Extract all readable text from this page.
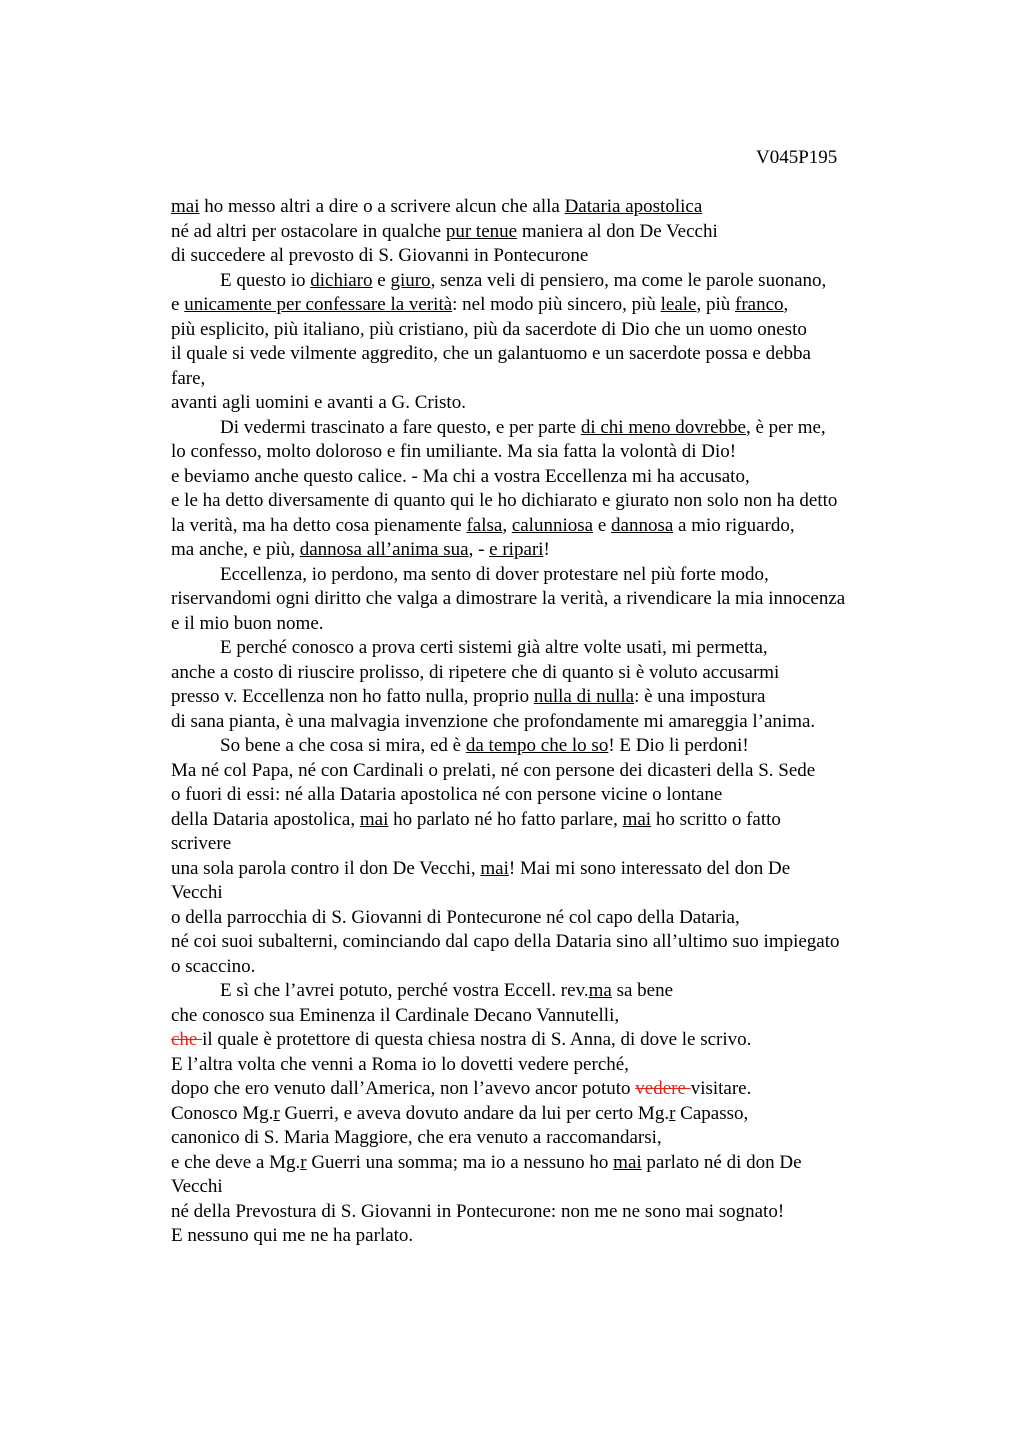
V045P195
mai ho messo altri a dire o a scrivere alcun che alla Dataria apostolica
né ad altri per ostacolare in qualche pur tenue maniera al don De Vecchi
di succedere al prevosto di S. Giovanni in Pontecurone
E questo io dichiaro e giuro, senza veli di pensiero, ma come le parole suonano,
e unicamente per confessare la verità: nel modo più sincero, più leale, più franco,
più esplicito, più italiano, più cristiano, più da sacerdote di Dio che un uomo onesto
il quale si vede vilmente aggredito, che un galantuomo e un sacerdote possa e debba
fare,
avanti agli uomini e avanti a G. Cristo.
Di vedermi trascinato a fare questo, e per parte di chi meno dovrebbe, è per me,
lo confesso, molto doloroso e fin umiliante. Ma sia fatta la volontà di Dio!
e beviamo anche questo calice. - Ma chi a vostra Eccellenza mi ha accusato,
e le ha detto diversamente di quanto qui le ho dichiarato e giurato non solo non ha detto
la verità, ma ha detto cosa pienamente falsa, calunniosa e dannosa a mio riguardo,
ma anche, e più, dannosa all’anima sua, - e ripari!
Eccellenza, io perdono, ma sento di dover protestare nel più forte modo,
riservandomi ogni diritto che valga a dimostrare la verità, a rivendicare la mia innocenza
e il mio buon nome.
E perché conosco a prova certi sistemi già altre volte usati, mi permetta,
anche a costo di riuscire prolisso, di ripetere che di quanto si è voluto accusarmi
presso v. Eccellenza non ho fatto nulla, proprio nulla di nulla: è una impostura
di sana pianta, è una malvagia invenzione che profondamente mi amareggia l’anima.
So bene a che cosa si mira, ed è da tempo che lo so! E Dio li perdoni!
Ma né col Papa, né con Cardinali o prelati, né con persone dei dicasteri della S. Sede
o fuori di essi: né alla Dataria apostolica né con persone vicine o lontane
della Dataria apostolica, mai ho parlato né ho fatto parlare, mai ho scritto o fatto
scrivere
una sola parola contro il don De Vecchi, mai! Mai mi sono interessato del don De
Vecchi
o della parrocchia di S. Giovanni di Pontecurone né col capo della Dataria,
né coi suoi subalterni, cominciando dal capo della Dataria sino all’ultimo suo impiegato
o scaccino.
E sì che l’avrei potuto, perché vostra Eccell. rev.ma sa bene
che conosco sua Eminenza il Cardinale Decano Vannutelli,
che il quale è protettore di questa chiesa nostra di S. Anna, di dove le scrivo.
E l’altra volta che venni a Roma io lo dovetti vedere perché,
dopo che ero venuto dall’America, non l’avevo ancor potuto vedere visitare.
Conosco Mg.r Guerri, e aveva dovuto andare da lui per certo Mg.r Capasso,
canonico di S. Maria Maggiore, che era venuto a raccomandarsi,
e che deve a Mg.r Guerri una somma; ma io a nessuno ho mai parlato né di don De
Vecchi
né della Prevostura di S. Giovanni in Pontecurone: non me ne sono mai sognato!
E nessuno qui me ne ha parlato.
